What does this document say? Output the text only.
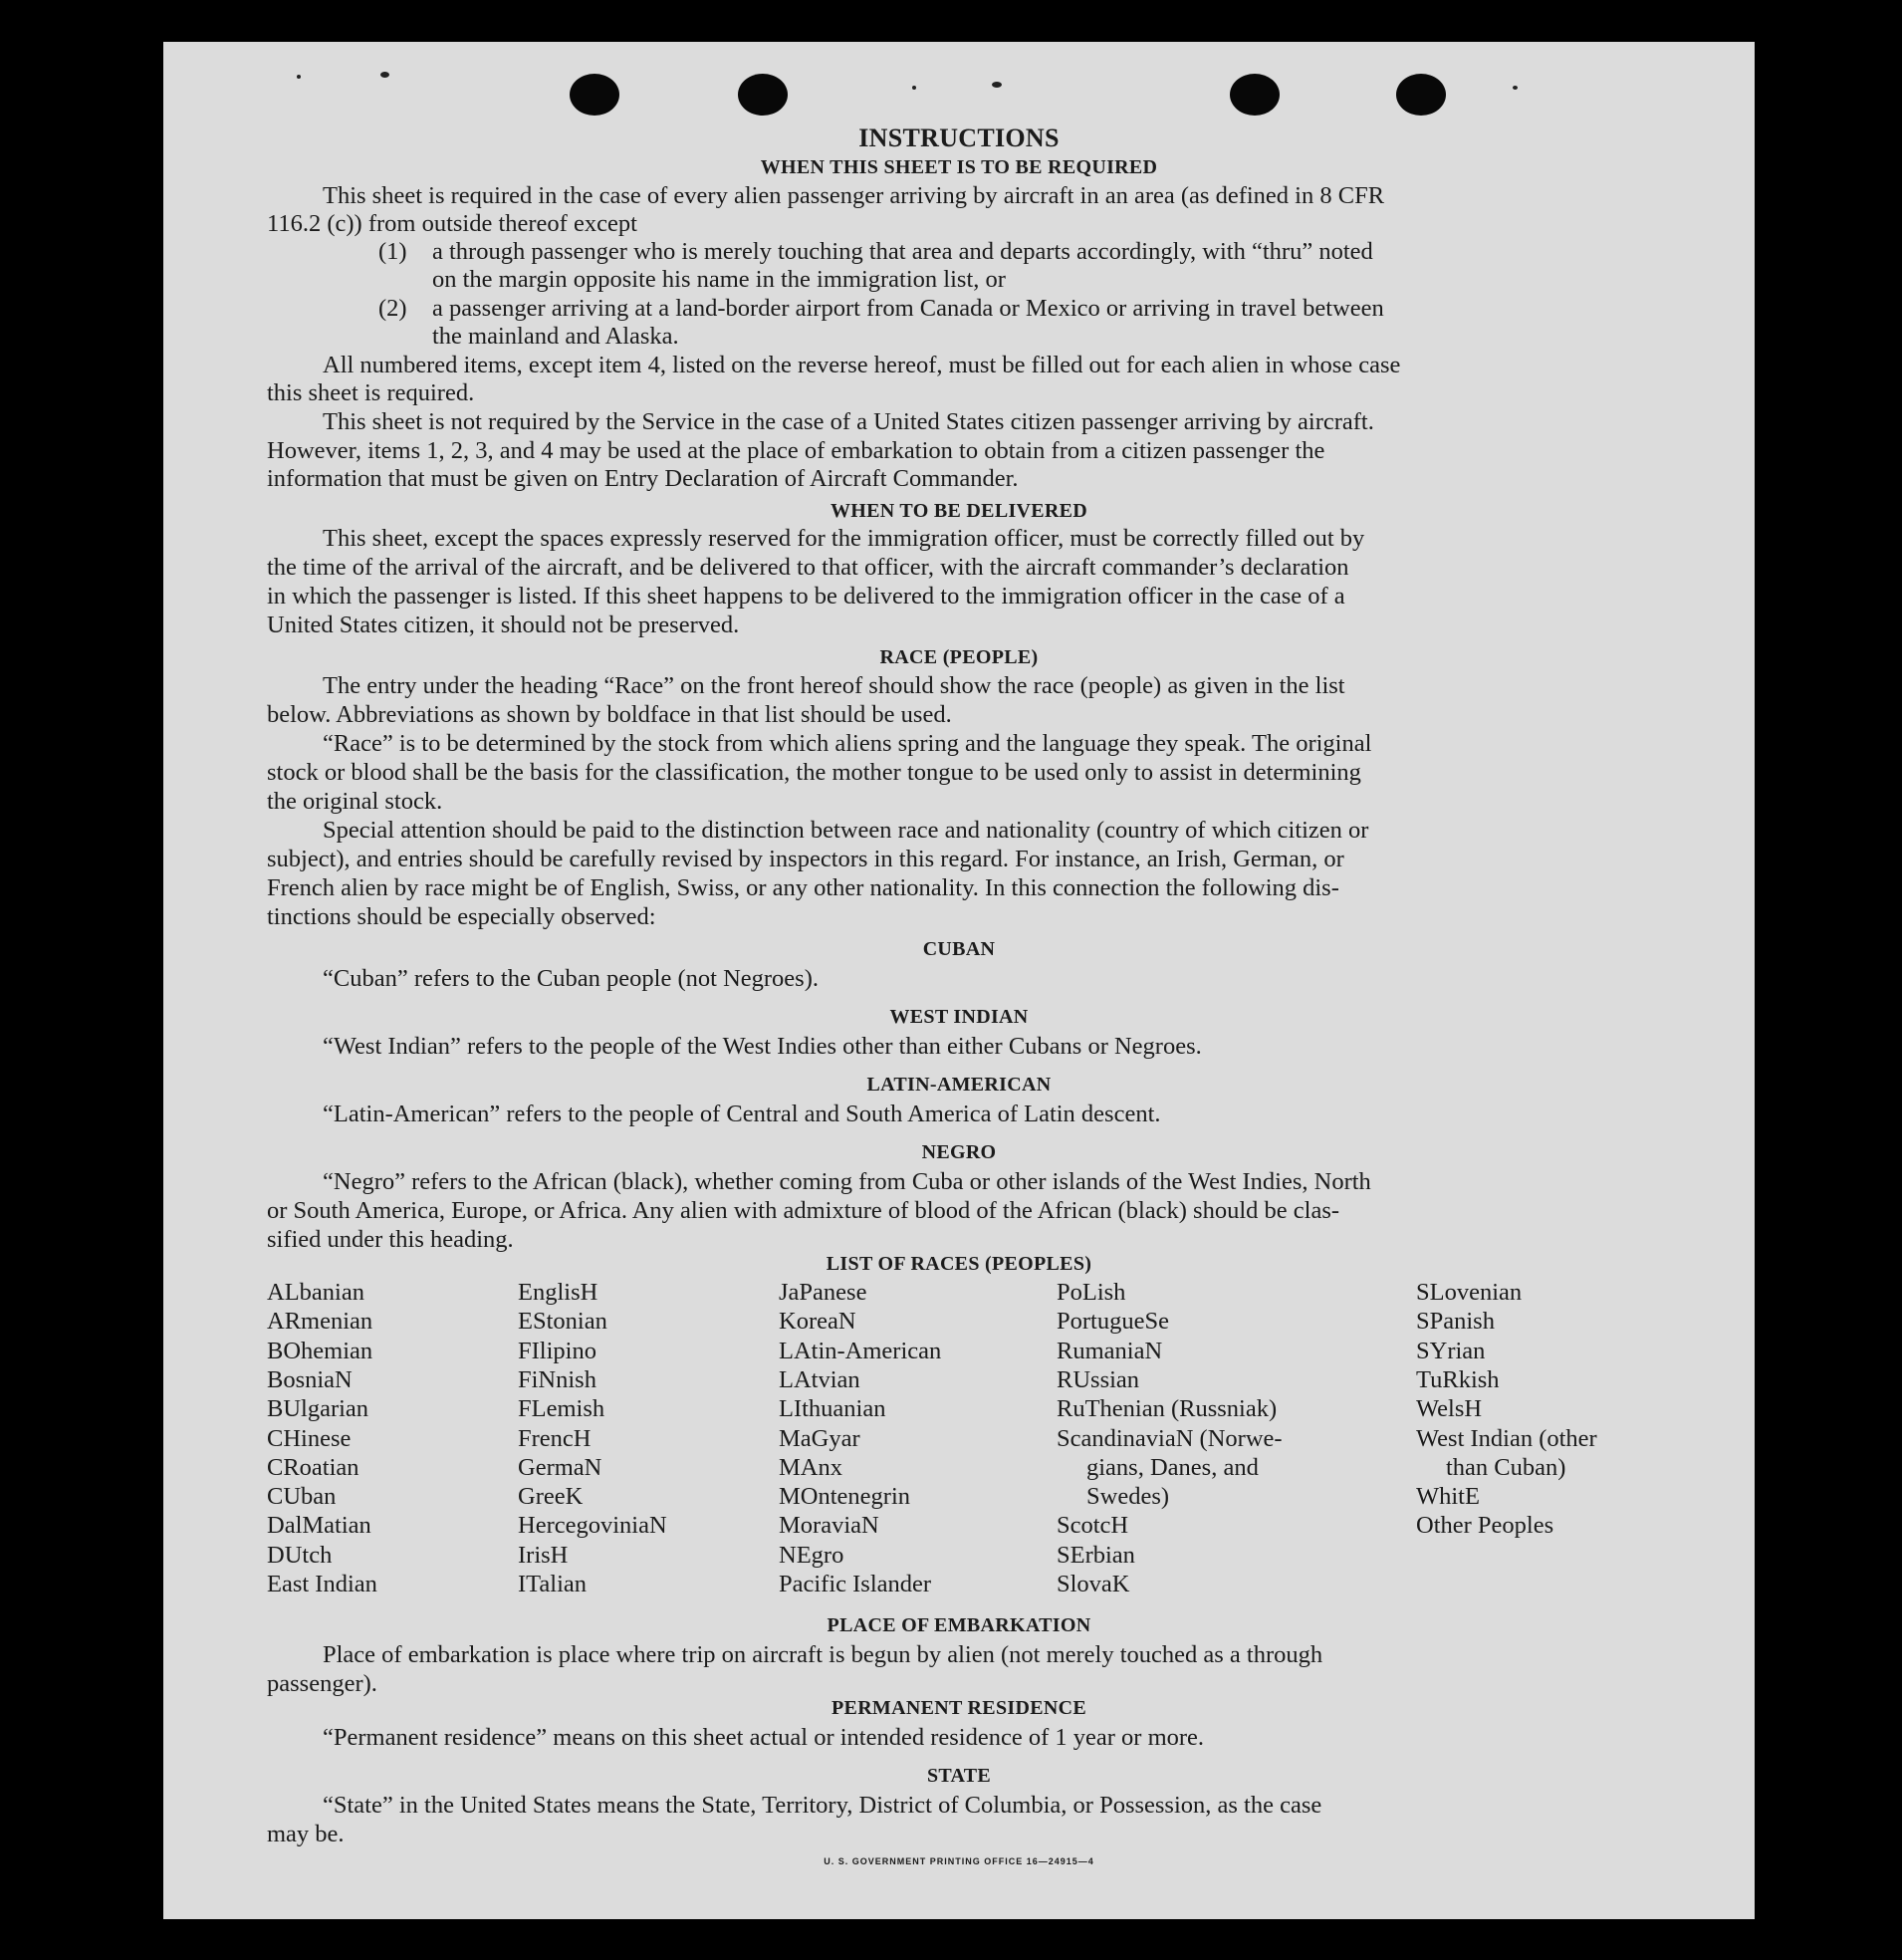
INSTRUCTIONS
WHEN THIS SHEET IS TO BE REQUIRED
This sheet is required in the case of every alien passenger arriving by aircraft in an area (as defined in 8 CFR
116.2 (c)) from outside thereof except
(1) a through passenger who is merely touching that area and departs accordingly, with “thru” noted
on the margin opposite his name in the immigration list, or
(2) a passenger arriving at a land-border airport from Canada or Mexico or arriving in travel between
the mainland and Alaska.
All numbered items, except item 4, listed on the reverse hereof, must be filled out for each alien in whose case
this sheet is required.
This sheet is not required by the Service in the case of a United States citizen passenger arriving by aircraft.
However, items 1, 2, 3, and 4 may be used at the place of embarkation to obtain from a citizen passenger the
information that must be given on Entry Declaration of Aircraft Commander.
WHEN TO BE DELIVERED
This sheet, except the spaces expressly reserved for the immigration officer, must be correctly filled out by
the time of the arrival of the aircraft, and be delivered to that officer, with the aircraft commander’s declaration
in which the passenger is listed. If this sheet happens to be delivered to the immigration officer in the case of a
United States citizen, it should not be preserved.
RACE (PEOPLE)
The entry under the heading “Race” on the front hereof should show the race (people) as given in the list
below. Abbreviations as shown by boldface in that list should be used.
“Race” is to be determined by the stock from which aliens spring and the language they speak. The original
stock or blood shall be the basis for the classification, the mother tongue to be used only to assist in determining
the original stock.
Special attention should be paid to the distinction between race and nationality (country of which citizen or
subject), and entries should be carefully revised by inspectors in this regard. For instance, an Irish, German, or
French alien by race might be of English, Swiss, or any other nationality. In this connection the following dis-
tinctions should be especially observed:
CUBAN
“Cuban” refers to the Cuban people (not Negroes).
WEST INDIAN
“West Indian” refers to the people of the West Indies other than either Cubans or Negroes.
LATIN-AMERICAN
“Latin-American” refers to the people of Central and South America of Latin descent.
NEGRO
“Negro” refers to the African (black), whether coming from Cuba or other islands of the West Indies, North
or South America, Europe, or Africa. Any alien with admixture of blood of the African (black) should be clas-
sified under this heading.
LIST OF RACES (PEOPLES)
ALbanian
ARmenian
BOhemian
BosniaN
BUlgarian
CHinese
CRoatian
CUban
DalMatian
DUtch
East Indian
EnglisH
EStonian
FIlipino
FiNnish
FLemish
FrencH
GermaN
GreeK
HercegoviniaN
IrisH
ITalian
JaPanese
KoreaN
LAtin-American
LAtvian
LIthuanian
MaGyar
MAnx
MOntenegrin
MoraviaN
NEgro
Pacific Islander
PoLish
PortugueSe
RumaniaN
RUssian
RuThenian (Russniak)
ScandinaviaN (Norwe-
gians, Danes, and
Swedes)
ScotcH
SErbian
SlovaK
SLovenian
SPanish
SYrian
TuRkish
WelsH
West Indian (other
than Cuban)
WhitE
Other Peoples
PLACE OF EMBARKATION
Place of embarkation is place where trip on aircraft is begun by alien (not merely touched as a through
passenger).
PERMANENT RESIDENCE
“Permanent residence” means on this sheet actual or intended residence of 1 year or more.
STATE
“State” in the United States means the State, Territory, District of Columbia, or Possession, as the case
may be.
U. S. GOVERNMENT PRINTING OFFICE 16—24915—4
